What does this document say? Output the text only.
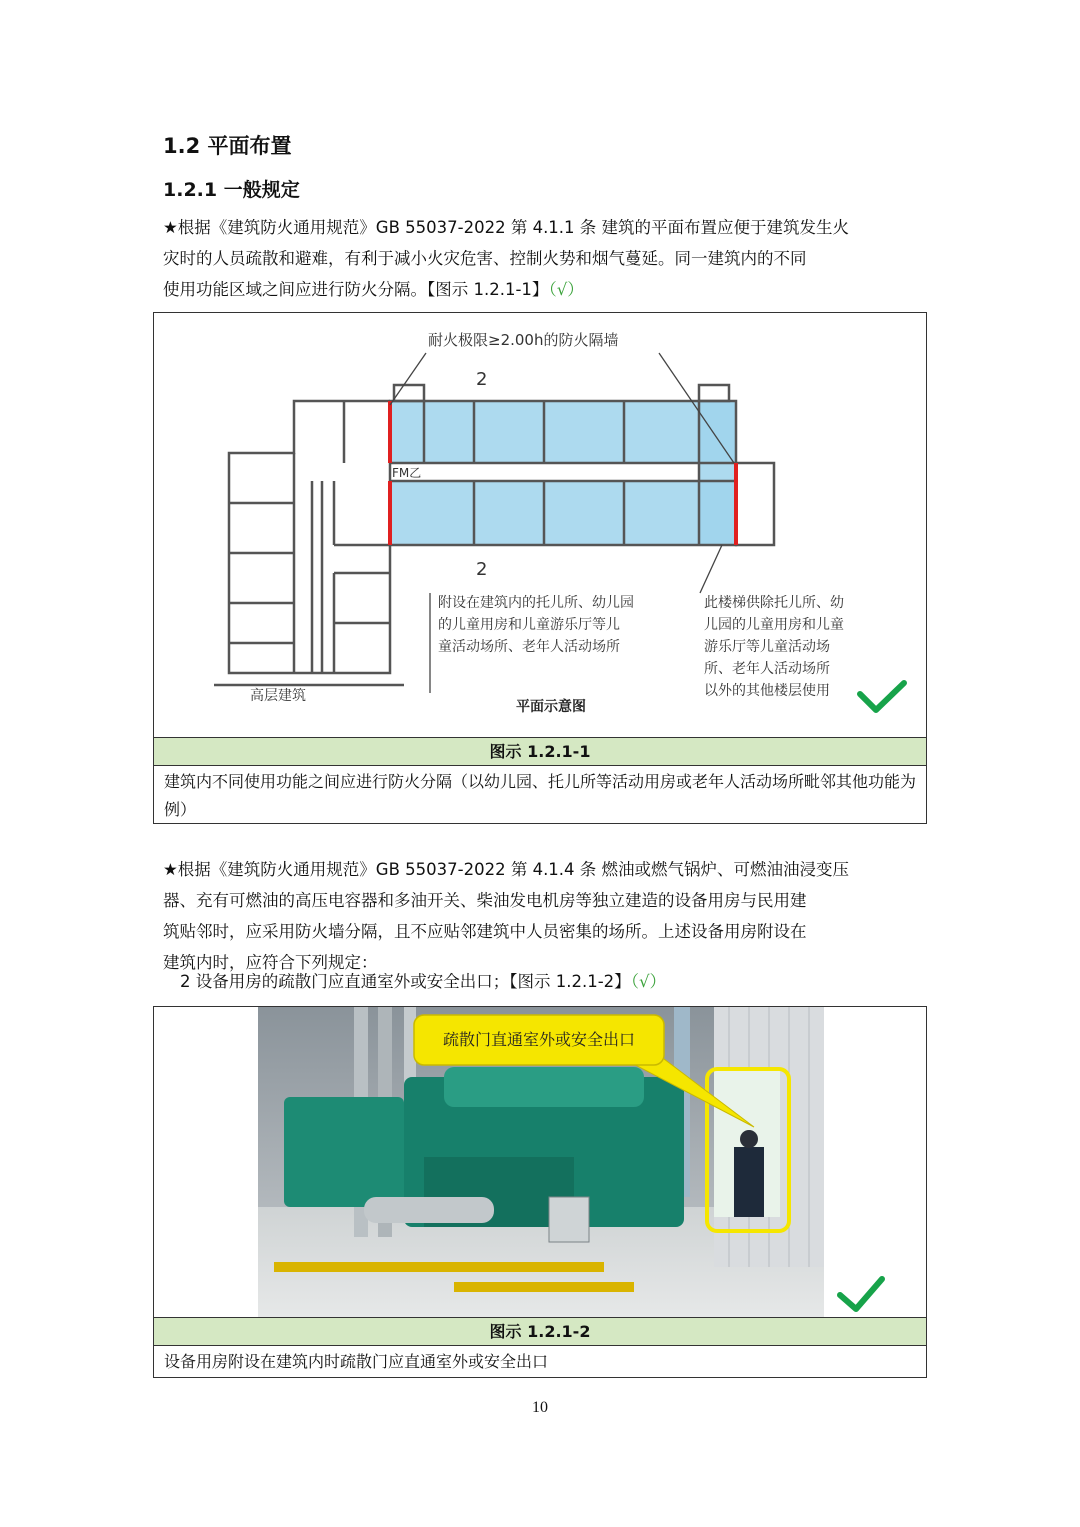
1.2 平面布置
1.2.1 一般规定
★根据《建筑防火通用规范》GB 55037-2022 第 4.1.1 条 建筑的平面布置应便于建筑发生火
灾时的人员疏散和避难，有利于减小火灾危害、控制火势和烟气蔓延。同一建筑内的不同
使用功能区域之间应进行防火分隔。【图示 1.2.1-1】（√）
耐火极限≥2.00h的防火隔墙
2
2
FM乙
附设在建筑内的托儿所、幼儿园
的儿童用房和儿童游乐厅等儿
童活动场所、老年人活动场所
此楼梯供除托儿所、幼
儿园的儿童用房和儿童
游乐厅等儿童活动场
所、老年人活动场所
以外的其他楼层使用
高层建筑
平面示意图
图示 1.2.1-1
建筑内不同使用功能之间应进行防火分隔（以幼儿园、托儿所等活动用房或老年人活动场所毗邻其他功能为例）
★根据《建筑防火通用规范》GB 55037-2022 第 4.1.4 条 燃油或燃气锅炉、可燃油油浸变压
器、充有可燃油的高压电容器和多油开关、柴油发电机房等独立建造的设备用房与民用建
筑贴邻时，应采用防火墙分隔，且不应贴邻建筑中人员密集的场所。上述设备用房附设在
建筑内时，应符合下列规定：
2 设备用房的疏散门应直通室外或安全出口；【图示 1.2.1-2】（√）
疏散门直通室外或安全出口
图示 1.2.1-2
设备用房附设在建筑内时疏散门应直通室外或安全出口
10
